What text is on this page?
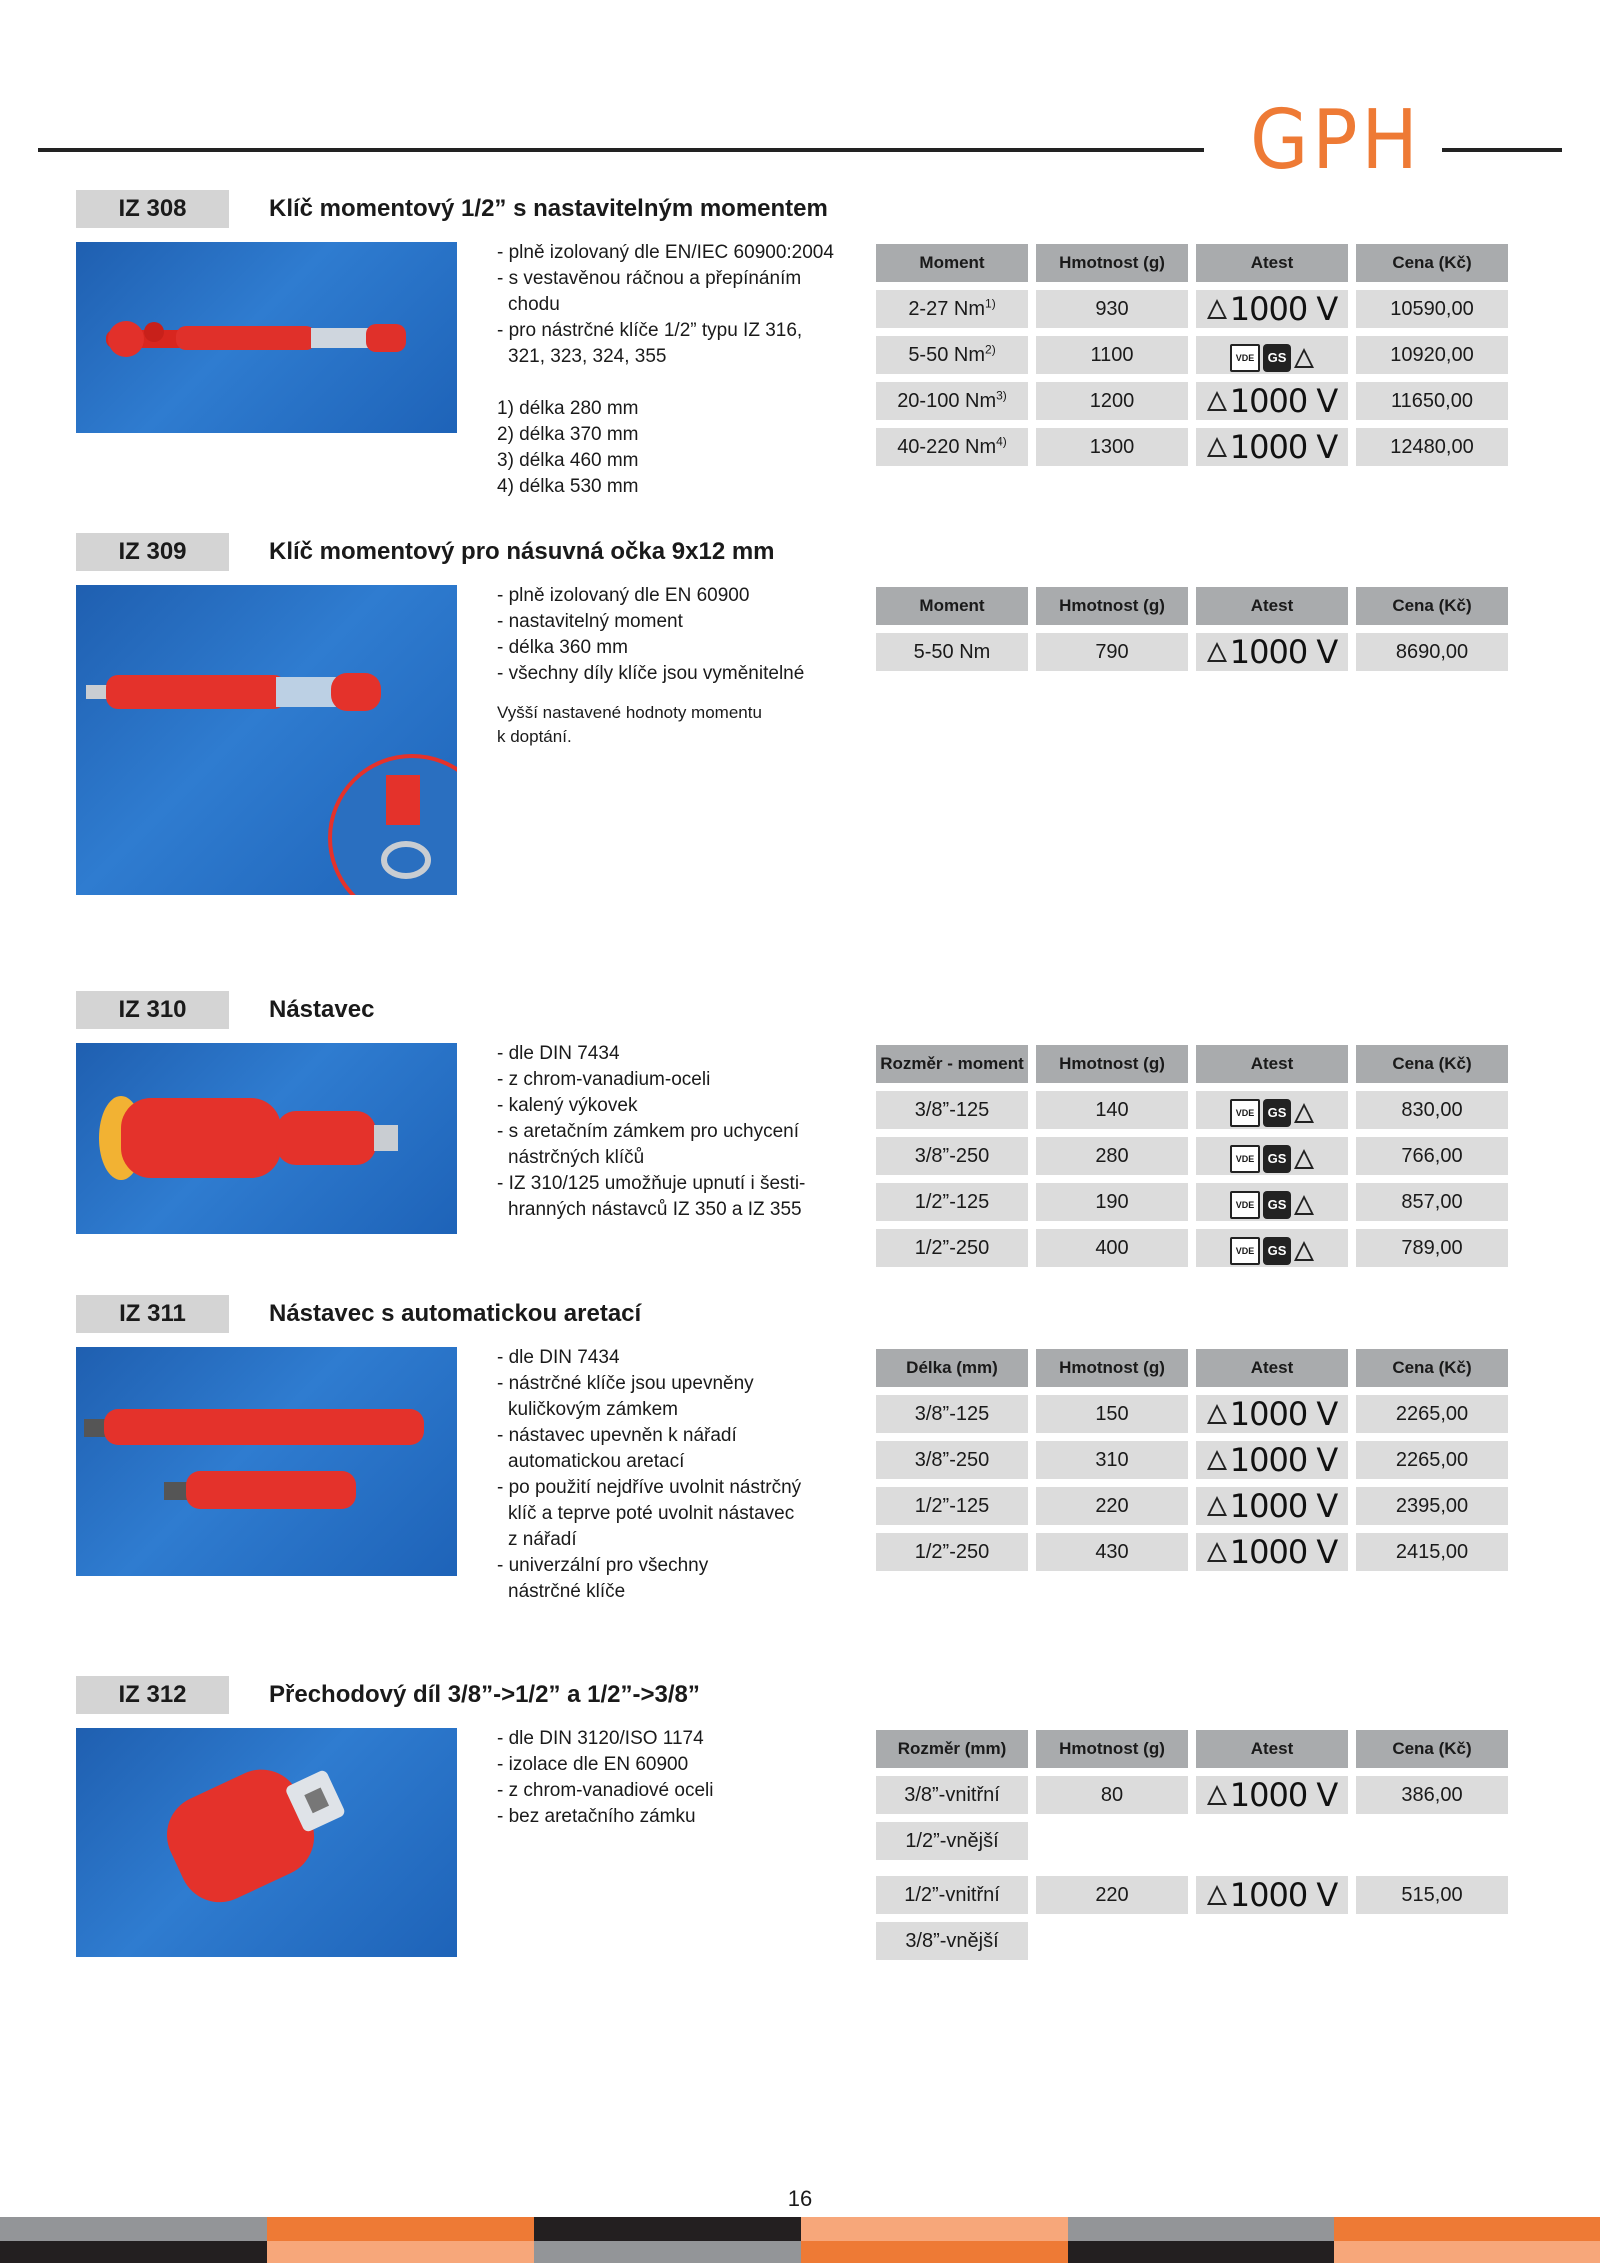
GPH
IZ 308	Klíč momentový 1/2” s nastavitelným momentem
- plně izolovaný dle EN/IEC 60900:2004
- s vestavěnou ráčnou a přepínáním
chodu
- pro nástrčné klíče 1/2” typu IZ 316,
321, 323, 324, 355
1) délka 280 mm
2) délka 370 mm
3) délka 460 mm
4) délka 530 mm
Moment	Hmotnost (g)	Atest	Cena (Kč)
2-27 Nm$^{1)}$	930	1000 V	10590,00
5-50 Nm$^{2)}$	1100	VDE	GS	10920,00
20-100 Nm$^{3)}$	1200	1000 V	11650,00
40-220 Nm$^{4)}$	1300	1000 V	12480,00
IZ 309	Klíč momentový pro násuvná očka 9x12 mm
- plně izolovaný dle EN 60900
- nastavitelný moment
- délka 360 mm
- všechny díly klíče jsou vyměnitelné
Vyšší nastavené hodnoty momentu
k doptání.
Moment	Hmotnost (g)	Atest	Cena (Kč)
5-50 Nm	790	1000 V	8690,00
IZ 310	Nástavec
- dle DIN 7434
- z chrom-vanadium-oceli
- kalený výkovek
- s aretačním zámkem pro uchycení
nástrčných klíčů
- IZ 310/125 umožňuje upnutí i šesti-
hranných nástavců IZ 350 a IZ 355
Rozměr - moment	Hmotnost (g)	Atest	Cena (Kč)
3/8”-125	140	VDE	GS	830,00
3/8”-250	280	VDE	GS	766,00
1/2”-125	190	VDE	GS	857,00
1/2”-250	400	VDE	GS	789,00
IZ 311	Nástavec s automatickou aretací
- dle DIN 7434
- nástrčné klíče jsou upevněny
kuličkovým zámkem
- nástavec upevněn k nářadí
automatickou aretací
- po použití nejdříve uvolnit nástrčný
klíč a teprve poté uvolnit nástavec
z nářadí
- univerzální pro všechny
nástrčné klíče
Délka (mm)	Hmotnost (g)	Atest	Cena (Kč)
3/8”-125	150	1000 V	2265,00
3/8”-250	310	1000 V	2265,00
1/2”-125	220	1000 V	2395,00
1/2”-250	430	1000 V	2415,00
IZ 312	Přechodový díl 3/8”->1/2” a 1/2”->3/8”
- dle DIN 3120/ISO 1174
- izolace dle EN 60900
- z chrom-vanadiové oceli
- bez aretačního zámku
Rozměr (mm)	Hmotnost (g)	Atest	Cena (Kč)
3/8”-vnitřní	80	1000 V	386,00
1/2”-vnější
1/2”-vnitřní	220	1000 V	515,00
3/8”-vnější
16
